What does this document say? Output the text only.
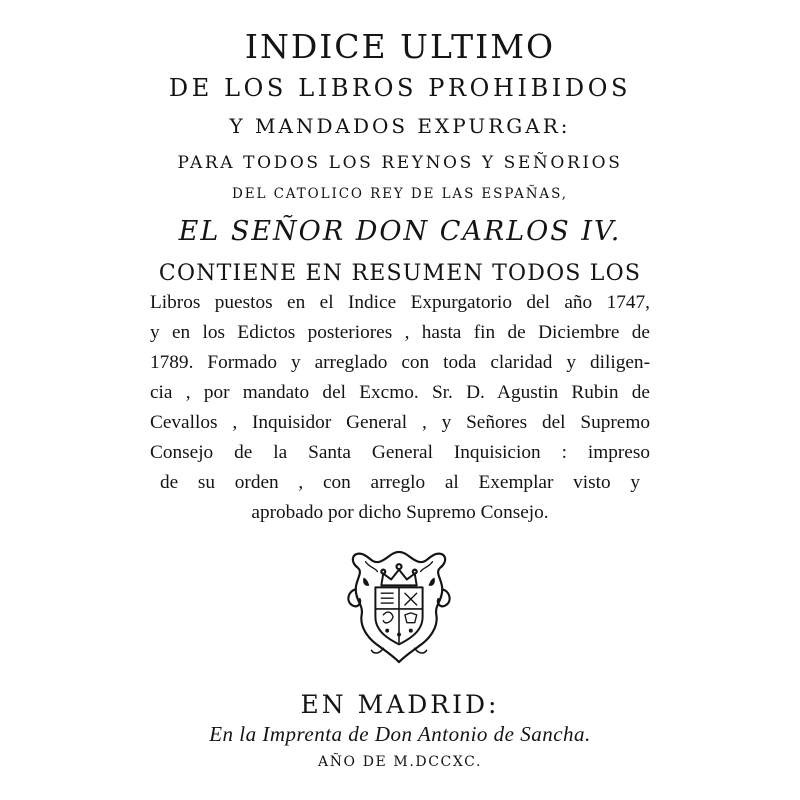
INDICE ULTIMO
DE LOS LIBROS PROHIBIDOS
Y MANDADOS EXPURGAR:
PARA TODOS LOS REYNOS Y SEÑORIOS
DEL CATOLICO REY DE LAS ESPAÑAS,
EL SEÑOR DON CARLOS IV.
CONTIENE EN RESUMEN TODOS LOS
Libros puestos en el Indice Expurgatorio del año 1747,
y en los Edictos posteriores , hasta fin de Diciembre de
1789. Formado y arreglado con toda claridad y diligen-
cia , por mandato del Excmo. Sr. D. Agustin Rubin de
Cevallos , Inquisidor General , y Señores del Supremo
Consejo de la Santa General Inquisicion : impreso
de su orden , con arreglo al Exemplar visto y
aprobado por dicho Supremo Consejo.
EN MADRID:
En la Imprenta de Don Antonio de Sancha.
AÑO DE M.DCCXC.
